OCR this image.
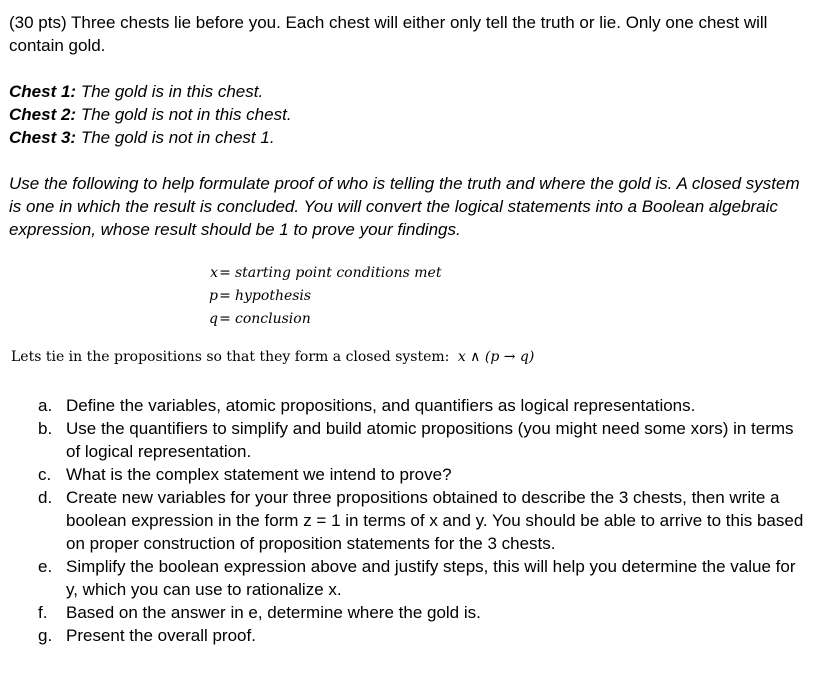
(30 pts) Three chests lie before you. Each chest will either only tell the truth or lie. Only one chest will contain gold.
Chest 1: The gold is in this chest.
Chest 2: The gold is not in this chest.
Chest 3: The gold is not in chest 1.
Use the following to help formulate proof of who is telling the truth and where the gold is. A closed system is one in which the result is concluded. You will convert the logical statements into a Boolean algebraic expression, whose result should be 1 to prove your findings.
x = starting point conditions met
p = hypothesis
q = conclusion
Lets tie in the propositions so that they form a closed system: x ∧ (p → q)
a. Define the variables, atomic propositions, and quantifiers as logical representations.
b. Use the quantifiers to simplify and build atomic propositions (you might need some xors) in terms of logical representation.
c. What is the complex statement we intend to prove?
d. Create new variables for your three propositions obtained to describe the 3 chests, then write a boolean expression in the form z = 1 in terms of x and y. You should be able to arrive to this based on proper construction of proposition statements for the 3 chests.
e. Simplify the boolean expression above and justify steps, this will help you determine the value for y, which you can use to rationalize x.
f.	Based on the answer in e, determine where the gold is.
g. Present the overall proof.
